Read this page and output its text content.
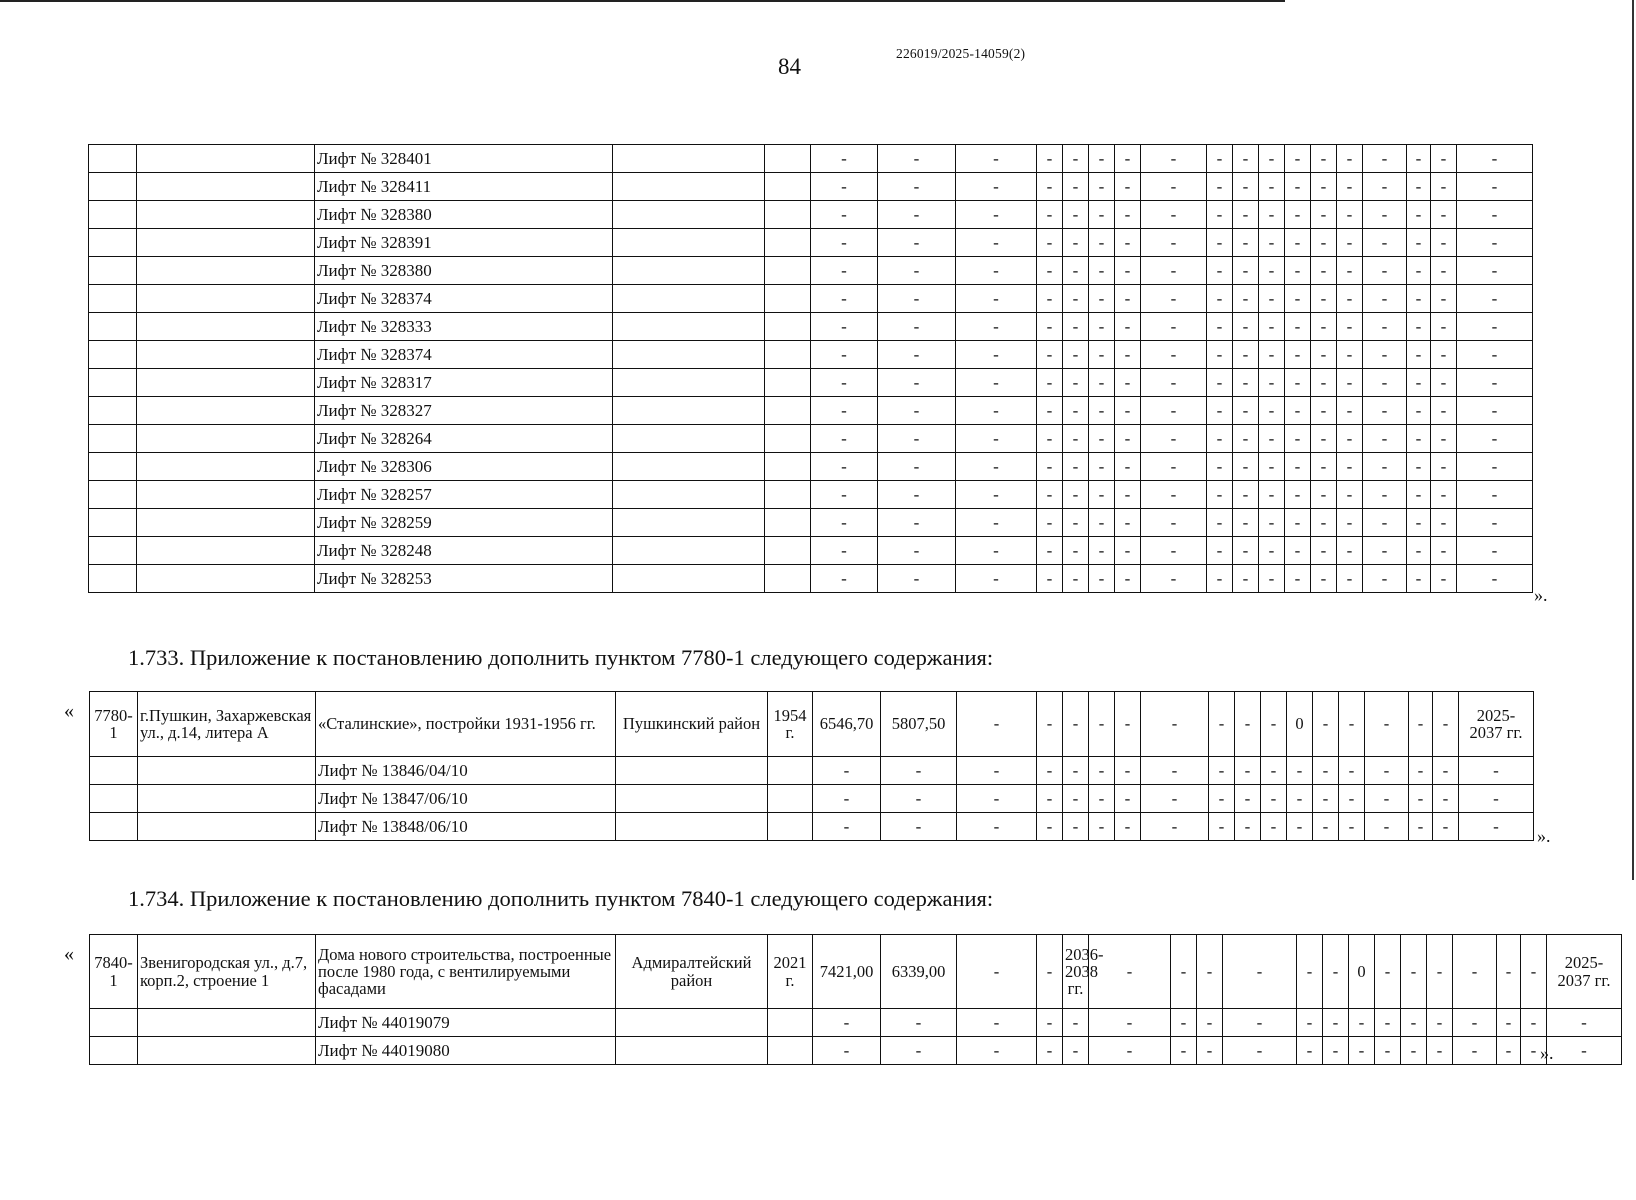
84
226019/2025-14059(2)
		Лифт № 328401			-	-	-	-	-	-	-	-	-	-	-	-	-	-	-	-	-	-
		Лифт № 328411			-	-	-	-	-	-	-	-	-	-	-	-	-	-	-	-	-	-
		Лифт № 328380			-	-	-	-	-	-	-	-	-	-	-	-	-	-	-	-	-	-
		Лифт № 328391			-	-	-	-	-	-	-	-	-	-	-	-	-	-	-	-	-	-
		Лифт № 328380			-	-	-	-	-	-	-	-	-	-	-	-	-	-	-	-	-	-
		Лифт № 328374			-	-	-	-	-	-	-	-	-	-	-	-	-	-	-	-	-	-
		Лифт № 328333			-	-	-	-	-	-	-	-	-	-	-	-	-	-	-	-	-	-
		Лифт № 328374			-	-	-	-	-	-	-	-	-	-	-	-	-	-	-	-	-	-
		Лифт № 328317			-	-	-	-	-	-	-	-	-	-	-	-	-	-	-	-	-	-
		Лифт № 328327			-	-	-	-	-	-	-	-	-	-	-	-	-	-	-	-	-	-
		Лифт № 328264			-	-	-	-	-	-	-	-	-	-	-	-	-	-	-	-	-	-
		Лифт № 328306			-	-	-	-	-	-	-	-	-	-	-	-	-	-	-	-	-	-
		Лифт № 328257			-	-	-	-	-	-	-	-	-	-	-	-	-	-	-	-	-	-
		Лифт № 328259			-	-	-	-	-	-	-	-	-	-	-	-	-	-	-	-	-	-
		Лифт № 328248			-	-	-	-	-	-	-	-	-	-	-	-	-	-	-	-	-	-
		Лифт № 328253			-	-	-	-	-	-	-	-	-	-	-	-	-	-	-	-	-	-
».
1.733. Приложение к постановлению дополнить пунктом 7780-1 следующего содержания:
« 7780-1	г.Пушкин, Захаржевская ул., д.14, литера А	«Сталинские», постройки 1931-1956 гг.	Пушкинский район	1954 г.	6546,70	5807,50	-	-	-	-	-	-	-	-	-	0	-	-	-	-	-	2025-2037 гг.
		Лифт № 13846/04/10			-	-	-	-	-	-	-	-	-	-	-	-	-	-	-	-	-	-
		Лифт № 13847/06/10			-	-	-	-	-	-	-	-	-	-	-	-	-	-	-	-	-	-
		Лифт № 13848/06/10			-	-	-	-	-	-	-	-	-	-	-	-	-	-	-	-	-	- ».
1.734. Приложение к постановлению дополнить пунктом 7840-1 следующего содержания:
« 7840-1	Звенигородская ул., д.7, корп.2, строение 1	Дома нового строительства, построенные после 1980 года, с вентилируемыми фасадами	Адмиралтейский район	2021 г.	7421,00	6339,00	-	-	2036-2038 гг.	-	-	-	-	-	-	0	-	-	-	-	-	-	2025-2037 гг.
		Лифт № 44019079			-	-	-	-	-	-	-	-	-	-	-	-	-	-	-	-	-	-	-
		Лифт № 44019080			-	-	-	-	-	-	-	-	-	-	-	-	-	-	-	-	-	-	-
».
